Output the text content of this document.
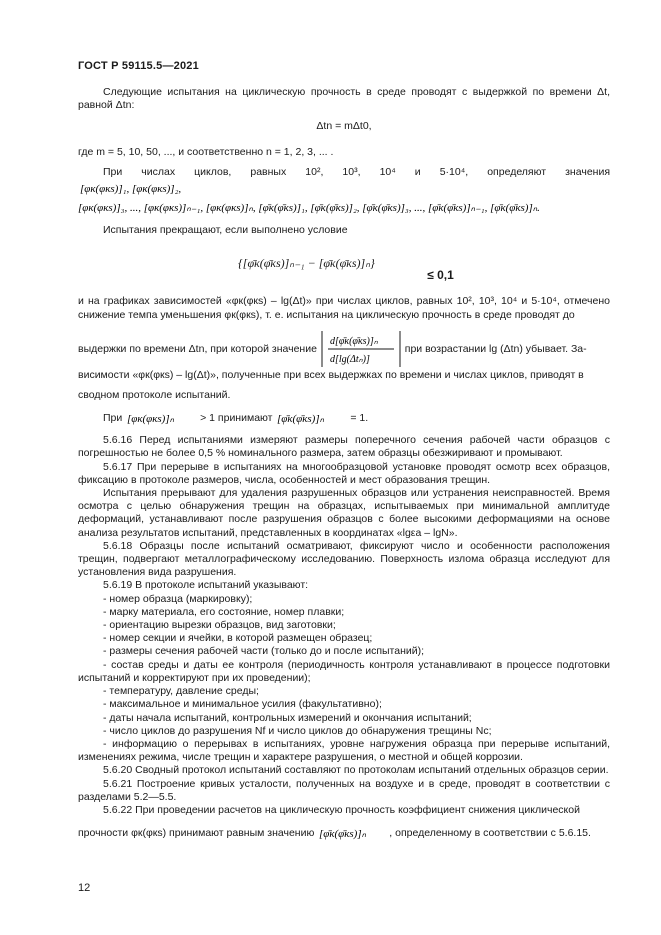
ГОСТ Р 59115.5—2021

Следующие испытания на циклическую прочность в среде проводят с выдержкой по времени Δt, равной Δtn:

Δtn = mΔt0,

где m = 5, 10, 50, ..., и соответственно n = 1, 2, 3, ... .

При числах циклов, равных 10², 10³, 10⁴ и 5·10⁴, определяют значения
[φк(φкs)]₁, [φк(φкs)]₂,

[φк(φкs)]₃, ..., [φк(φкs)]ₙ₋₁, [φк(φкs)]ₙ, [φ̄к(φ̄кs)]₁, [φ̄к(φ̄кs)]₂, [φ̄к(φ̄кs)]₃, ..., [φ̄к(φ̄кs)]ₙ₋₁, [φ̄к(φ̄кs)]ₙ.

Испытания прекращают, если выполнено условие

{[φ̄к(φ̄кs)]ₙ₋₁ − [φ̄к(φ̄кs)]ₙ}
≤ 0,1

и на графиках зависимостей «φк(φкs) – lg(Δt)» при числах циклов, равных 10², 10³, 10⁴ и 5·10⁴, отмечено снижение темпа уменьшения φк(φкs), т. е. испытания на циклическую прочность в среде проводят до

выдержки по времени Δtn, при которой значение
d[φ̄к(φ̄кs)]ₙ
d[lg(Δtₙ)]
при возрастании lg (Δtn) убывает. За-

висимости «φк(φкs) – lg(Δt)», полученные при всех выдержках по времени и числах циклов, приводят в

сводном протоколе испытаний.

При [φк(φкs)]ₙ > 1 принимают [φ̄к(φ̄кs)]ₙ = 1.

5.6.16 Перед испытаниями измеряют размеры поперечного сечения рабочей части образцов с погрешностью не более 0,5 % номинального размера, затем образцы обезжиривают и промывают.

5.6.17 При перерыве в испытаниях на многообразцовой установке проводят осмотр всех образцов, фиксацию в протоколе размеров, числа, особенностей и мест образования трещин.

Испытания прерывают для удаления разрушенных образцов или устранения неисправностей. Время осмотра с целью обнаружения трещин на образцах, испытываемых при минимальной амплитуде деформаций, устанавливают после разрушения образцов с более высокими деформациями на основе анализа результатов испытаний, представленных в координатах «lgεа – lgN».

5.6.18 Образцы после испытаний осматривают, фиксируют число и особенности расположения трещин, подвергают металлографическому исследованию. Поверхность излома образца исследуют для установления вида разрушения.

5.6.19 В протоколе испытаний указывают:

- номер образца (маркировку);

- марку материала, его состояние, номер плавки;

- ориентацию вырезки образцов, вид заготовки;

- номер секции и ячейки, в которой размещен образец;

- размеры сечения рабочей части (только до и после испытаний);

- состав среды и даты ее контроля (периодичность контроля устанавливают в процессе подготовки испытаний и корректируют при их проведении);

- температуру, давление среды;

- максимальное и минимальное усилия (факультативно);

- даты начала испытаний, контрольных измерений и окончания испытаний;

- число циклов до разрушения Nf и число циклов до обнаружения трещины Nc;

- информацию о перерывах в испытаниях, уровне нагружения образца при перерыве испытаний, изменениях режима, числе трещин и характере разрушения, о местной и общей коррозии.

5.6.20 Сводный протокол испытаний составляют по протоколам испытаний отдельных образцов серии.

5.6.21 Построение кривых усталости, полученных на воздухе и в среде, проводят в соответствии с разделами 5.2—5.5.

5.6.22 При проведении расчетов на циклическую прочность коэффициент снижения циклической

прочности φк(φкs) принимают равным значению [φ̄к(φ̄кs)]ₙ , определенному в соответствии с 5.6.15.

12
